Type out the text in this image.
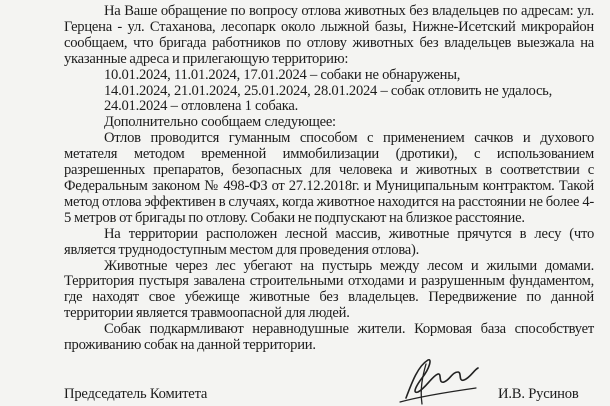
На Ваше обращение по вопросу отлова животных без владельцев по адресам: ул. Герцена - ул. Стаханова, лесопарк около лыжной базы, Нижне-Исетский микрорайон сообщаем, что бригада работников по отлову животных без владельцев выезжала на указанные адреса и прилегающую территорию:

10.01.2024, 11.01.2024, 17.01.2024 – собаки не обнаружены,

14.01.2024, 21.01.2024, 25.01.2024, 28.01.2024 – собак отловить не удалось,

24.01.2024 – отловлена 1 собака.

Дополнительно сообщаем следующее:

Отлов проводится гуманным способом с применением сачков и духового метателя методом временной иммобилизации (дротики), с использованием разрешенных препаратов, безопасных для человека и животных в соответствии с Федеральным законом № 498-ФЗ от 27.12.2018г. и Муниципальным контрактом. Такой метод отлова эффективен в случаях, когда животное находится на расстоянии не более 4-5 метров от бригады по отлову. Собаки не подпускают на близкое расстояние.

На территории расположен лесной массив, животные прячутся в лесу (что является труднодоступным местом для проведения отлова).

Животные через лес убегают на пустырь между лесом и жилыми домами. Территория пустыря завалена строительными отходами и разрушенным фундаментом, где находят свое убежище животные без владельцев. Передвижение по данной территории является травмоопасной для людей.

Собак подкармливают неравнодушные жители. Кормовая база способствует проживанию собак на данной территории.

Председатель Комитета	И.В. Русинов
